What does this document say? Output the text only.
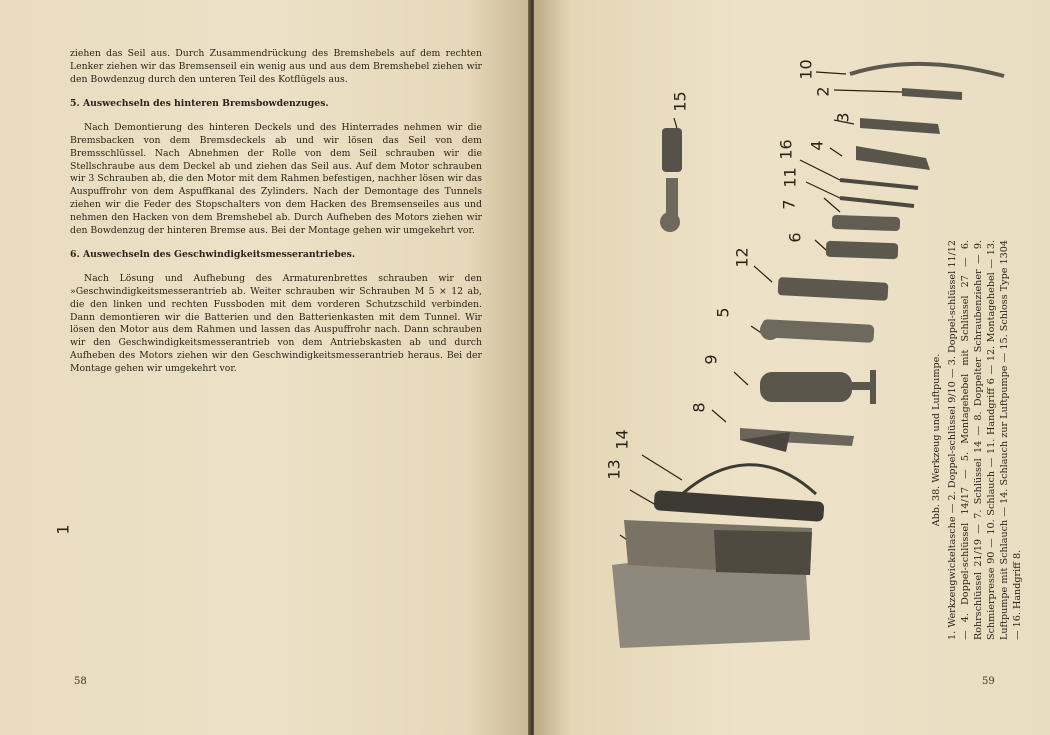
ziehen das Seil aus. Durch Zusammendrückung des Bremshebels auf dem rechten Lenker ziehen wir das Bremsenseil ein wenig aus und aus dem Bremshebel ziehen wir den Bowdenzug durch den unteren Teil des Kotflügels aus.

5. Auswechseln des hinteren Bremsbowdenzuges.

Nach Demontierung des hinteren Deckels und des Hinterrades nehmen wir die Bremsbacken von dem Bremsdeckels ab und wir lösen das Seil von dem Bremsschlüssel. Nach Abnehmen der Rolle von dem Seil schrauben wir die Stellschraube aus dem Deckel ab und ziehen das Seil aus. Auf dem Motor schrauben wir 3 Schrauben ab, die den Motor mit dem Rahmen befestigen, nachher lösen wir das Auspuffrohr von dem Aspuffkanal des Zylinders. Nach der Demontage des Tunnels ziehen wir die Feder des Stopschalters von dem Hacken des Bremsenseiles aus und nehmen den Hacken von dem Bremshebel ab. Durch Aufheben des Motors ziehen wir den Bowdenzug der hinteren Bremse aus. Bei der Montage gehen wir umgekehrt vor.

6. Auswechseln des Geschwindigkeitsmesserantriebes.

Nach Lösung und Aufhebung des Armaturenbrettes schrauben wir den »Geschwindigkeitsmesserantrieb ab. Weiter schrauben wir Schrauben M 5 × 12 ab, die den linken und rechten Fussboden mit dem vorderen Schutzschild verbinden. Dann demontieren wir die Batterien und den Batterienkasten mit dem Tunnel. Wir lösen den Motor aus dem Rahmen und lassen das Auspuffrohr nach. Dann schrauben wir den Geschwindigkeitsmesserantrieb von dem Antriebskasten ab und durch Aufheben des Motors ziehen wir den Geschwindigkeitsmesserantrieb heraus. Bei der Montage gehen wir umgekehrt vor.

58	59
1
2
3
4
5
6
7
8
9
10
11
12
13
14
15
16
Abb. 38. Werkzeug und Luftpumpe. 1. Werkzeugwickeltasche — 2. Doppel-schlüssel 9/10 — 3. Doppel-schlüssel 11/12 — 4. Doppel-schlüssel 14/17 — 5. Montagehebel mit Schlüssel 27 — 6. Rohrschlüssel 21/19 — 7. Schlüssel 14 — 8. Doppelter Schraubenzieher — 9. Schmierpresse 90 — 10. Schlauch — 11. Handgriff 6 — 12. Montagehebel — 13. Luftpumpe mit Schlauch — 14. Schlauch zur Luftpumpe — 15. Schloss Type 1304 — 16. Handgriff 8.
